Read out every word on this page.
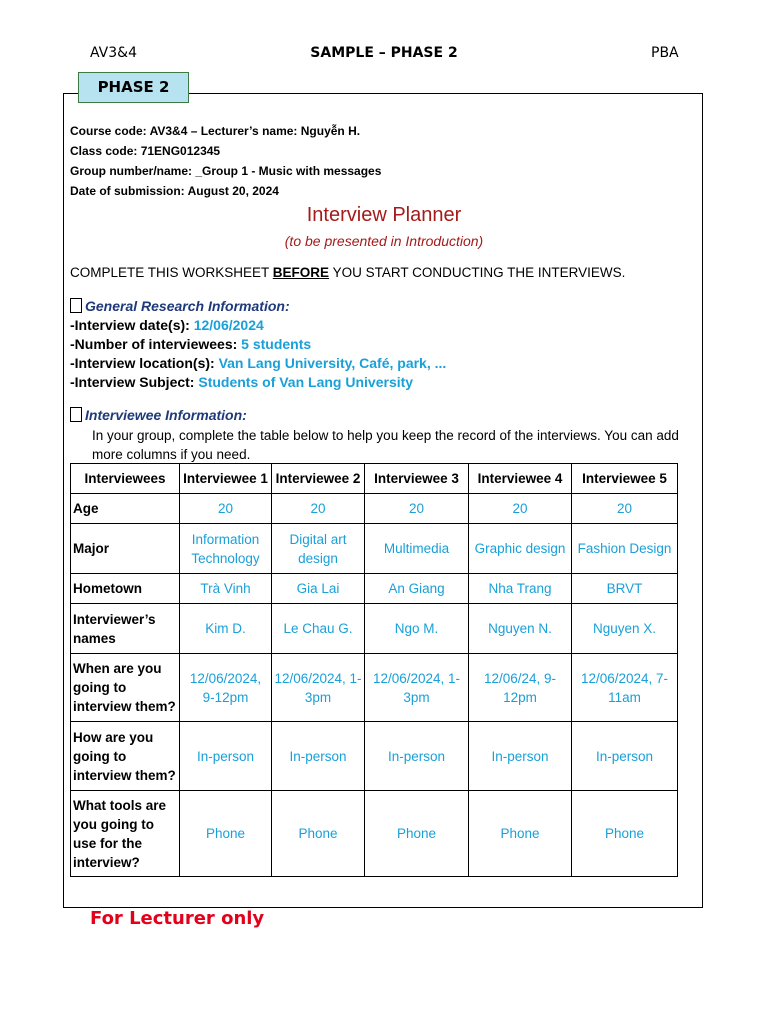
AV3&4	SAMPLE – PHASE 2	PBA
PHASE 2
Course code: AV3&4 – Lecturer’s name: Nguyễn H.
Class code: 71ENG012345
Group number/name: _Group 1 - Music with messages
Date of submission: August 20, 2024
Interview Planner
(to be presented in Introduction)
COMPLETE THIS WORKSHEET BEFORE YOU START CONDUCTING THE INTERVIEWS.
General Research Information:
-Interview date(s): 12/06/2024
-Number of interviewees: 5 students
-Interview location(s): Van Lang University, Café, park, ...
-Interview Subject: Students of Van Lang University
Interviewee Information:
In your group, complete the table below to help you keep the record of the interviews. You can add more columns if you need.
Interviewees	Interviewee 1	Interviewee 2	Interviewee 3	Interviewee 4	Interviewee 5
Age	20	20	20	20	20
Major	Information Technology	Digital art design	Multimedia	Graphic design	Fashion Design
Hometown	Trà Vinh	Gia Lai	An Giang	Nha Trang	BRVT
Interviewer’s names	Kim D.	Le Chau G.	Ngo M.	Nguyen N.	Nguyen X.
When are you going to interview them?	12/06/2024, 9-12pm	12/06/2024, 1-3pm	12/06/2024, 1-3pm	12/06/24, 9-12pm	12/06/2024, 7-11am
How are you going to interview them?	In-person	In-person	In-person	In-person	In-person
What tools are you going to use for the interview?	Phone	Phone	Phone	Phone	Phone
For Lecturer only
